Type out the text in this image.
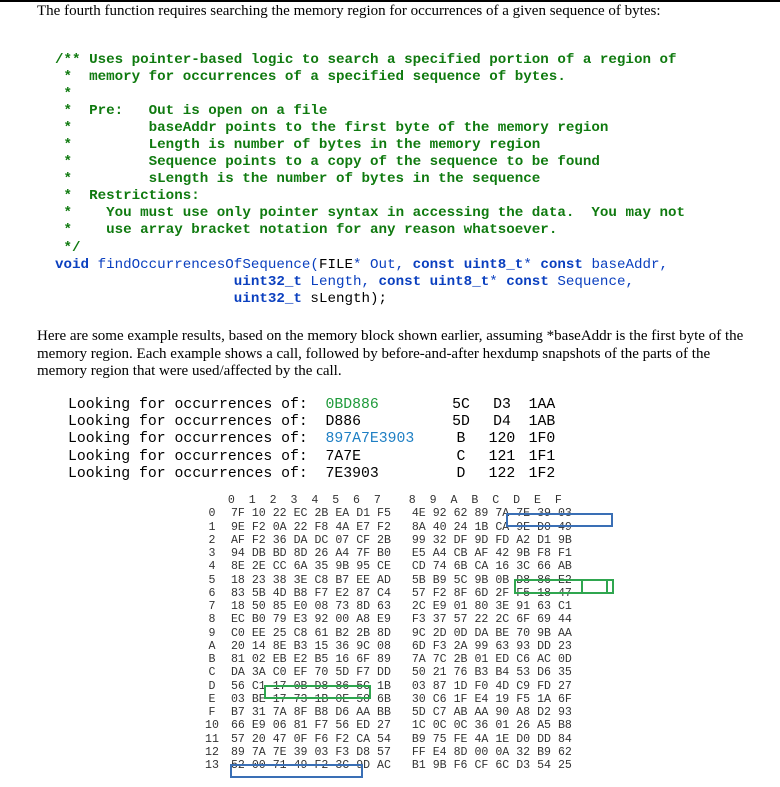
The fourth function requires searching the memory region for occurrences of a given sequence of bytes:
/** Uses pointer-based logic to search a specified portion of a region of
*  memory for occurrences of a specified sequence of bytes.
*
*  Pre:   Out is open on a file
*         baseAddr points to the first byte of the memory region
*         Length is number of bytes in the memory region
*         Sequence points to a copy of the sequence to be found
*         sLength is the number of bytes in the sequence
*  Restrictions:
*    You must use only pointer syntax in accessing the data.  You may not
*    use array bracket notation for any reason whatsoever.
*/
void findOccurrencesOfSequence(FILE* Out, const uint8_t* const baseAddr,
uint32_t Length, const uint8_t* const Sequence,
uint32_t sLength);
Here are some example results, based on the memory block shown earlier, assuming *baseAddr is the first byte of the memory region. Each example shows a call, followed by before-and-after hexdump snapshots of the parts of the memory region that were used/affected by the call.
Looking for occurrences of:  0BD886
Looking for occurrences of:  D886
Looking for occurrences of:  897A7E3903
Looking for occurrences of:  7A7E
Looking for occurrences of:  7E3903
5C
5D
B
C
D
D3
D4
120
121
122
1AA
1AB
1F0
1F1
1F2
0  1  2  3  4  5  6  7    8  9  A  B  C  D  E  F
0 7F 10 22 EC 2B EA D1 F5   4E 92 62 89 7A 7E 39 03
1 9E F2 0A 22 F8 4A E7 F2   8A 40 24 1B CA 9E D0 49
2 AF F2 36 DA DC 07 CF 2B   99 32 DF 9D FD A2 D1 9B
3 94 DB BD 8D 26 A4 7F B0   E5 A4 CB AF 42 9B F8 F1
4 8E 2E CC 6A 35 9B 95 CE   CD 74 6B CA 16 3C 66 AB
5 18 23 38 3E C8 B7 EE AD   5B B9 5C 9B 0B D8 86 E2
6 83 5B 4D B8 F7 E2 87 C4   57 F2 8F 6D 2F F5 18 47
7 18 50 85 E0 08 73 8D 63   2C E9 01 80 3E 91 63 C1
8 EC B0 79 E3 92 00 A8 E9   F3 37 57 22 2C 6F 69 44
9 C0 EE 25 C8 61 B2 2B 8D   9C 2D 0D DA BE 70 9B AA
A 20 14 8E B3 15 36 9C 08   6D F3 2A 99 63 93 DD 23
B 81 02 EB E2 B5 16 6F 89   7A 7C 2B 01 ED C6 AC 0D
C DA 3A C0 EF 70 5D F7 DD   50 21 76 B3 B4 53 D6 35
D 56 C1 17 0B D8 86 5C 1B   03 87 1D F0 4D C9 FD 27
E 03 BE 17 73 1B 0E 50 6B   30 C6 1F E4 19 F5 1A 6F
F B7 31 7A 8F B8 D6 AA BB   5D C7 AB AA 90 A8 D2 93
10 66 E9 06 81 F7 56 ED 27   1C 0C 0C 36 01 26 A5 B8
11 57 20 47 0F F6 F2 CA 54   B9 75 FE 4A 1E D0 DD 84
12 89 7A 7E 39 03 F3 D8 57   FF E4 8D 00 0A 32 B9 62
13 52 00 71 49 F2 3C 9D AC   B1 9B F6 CF 6C D3 54 25
